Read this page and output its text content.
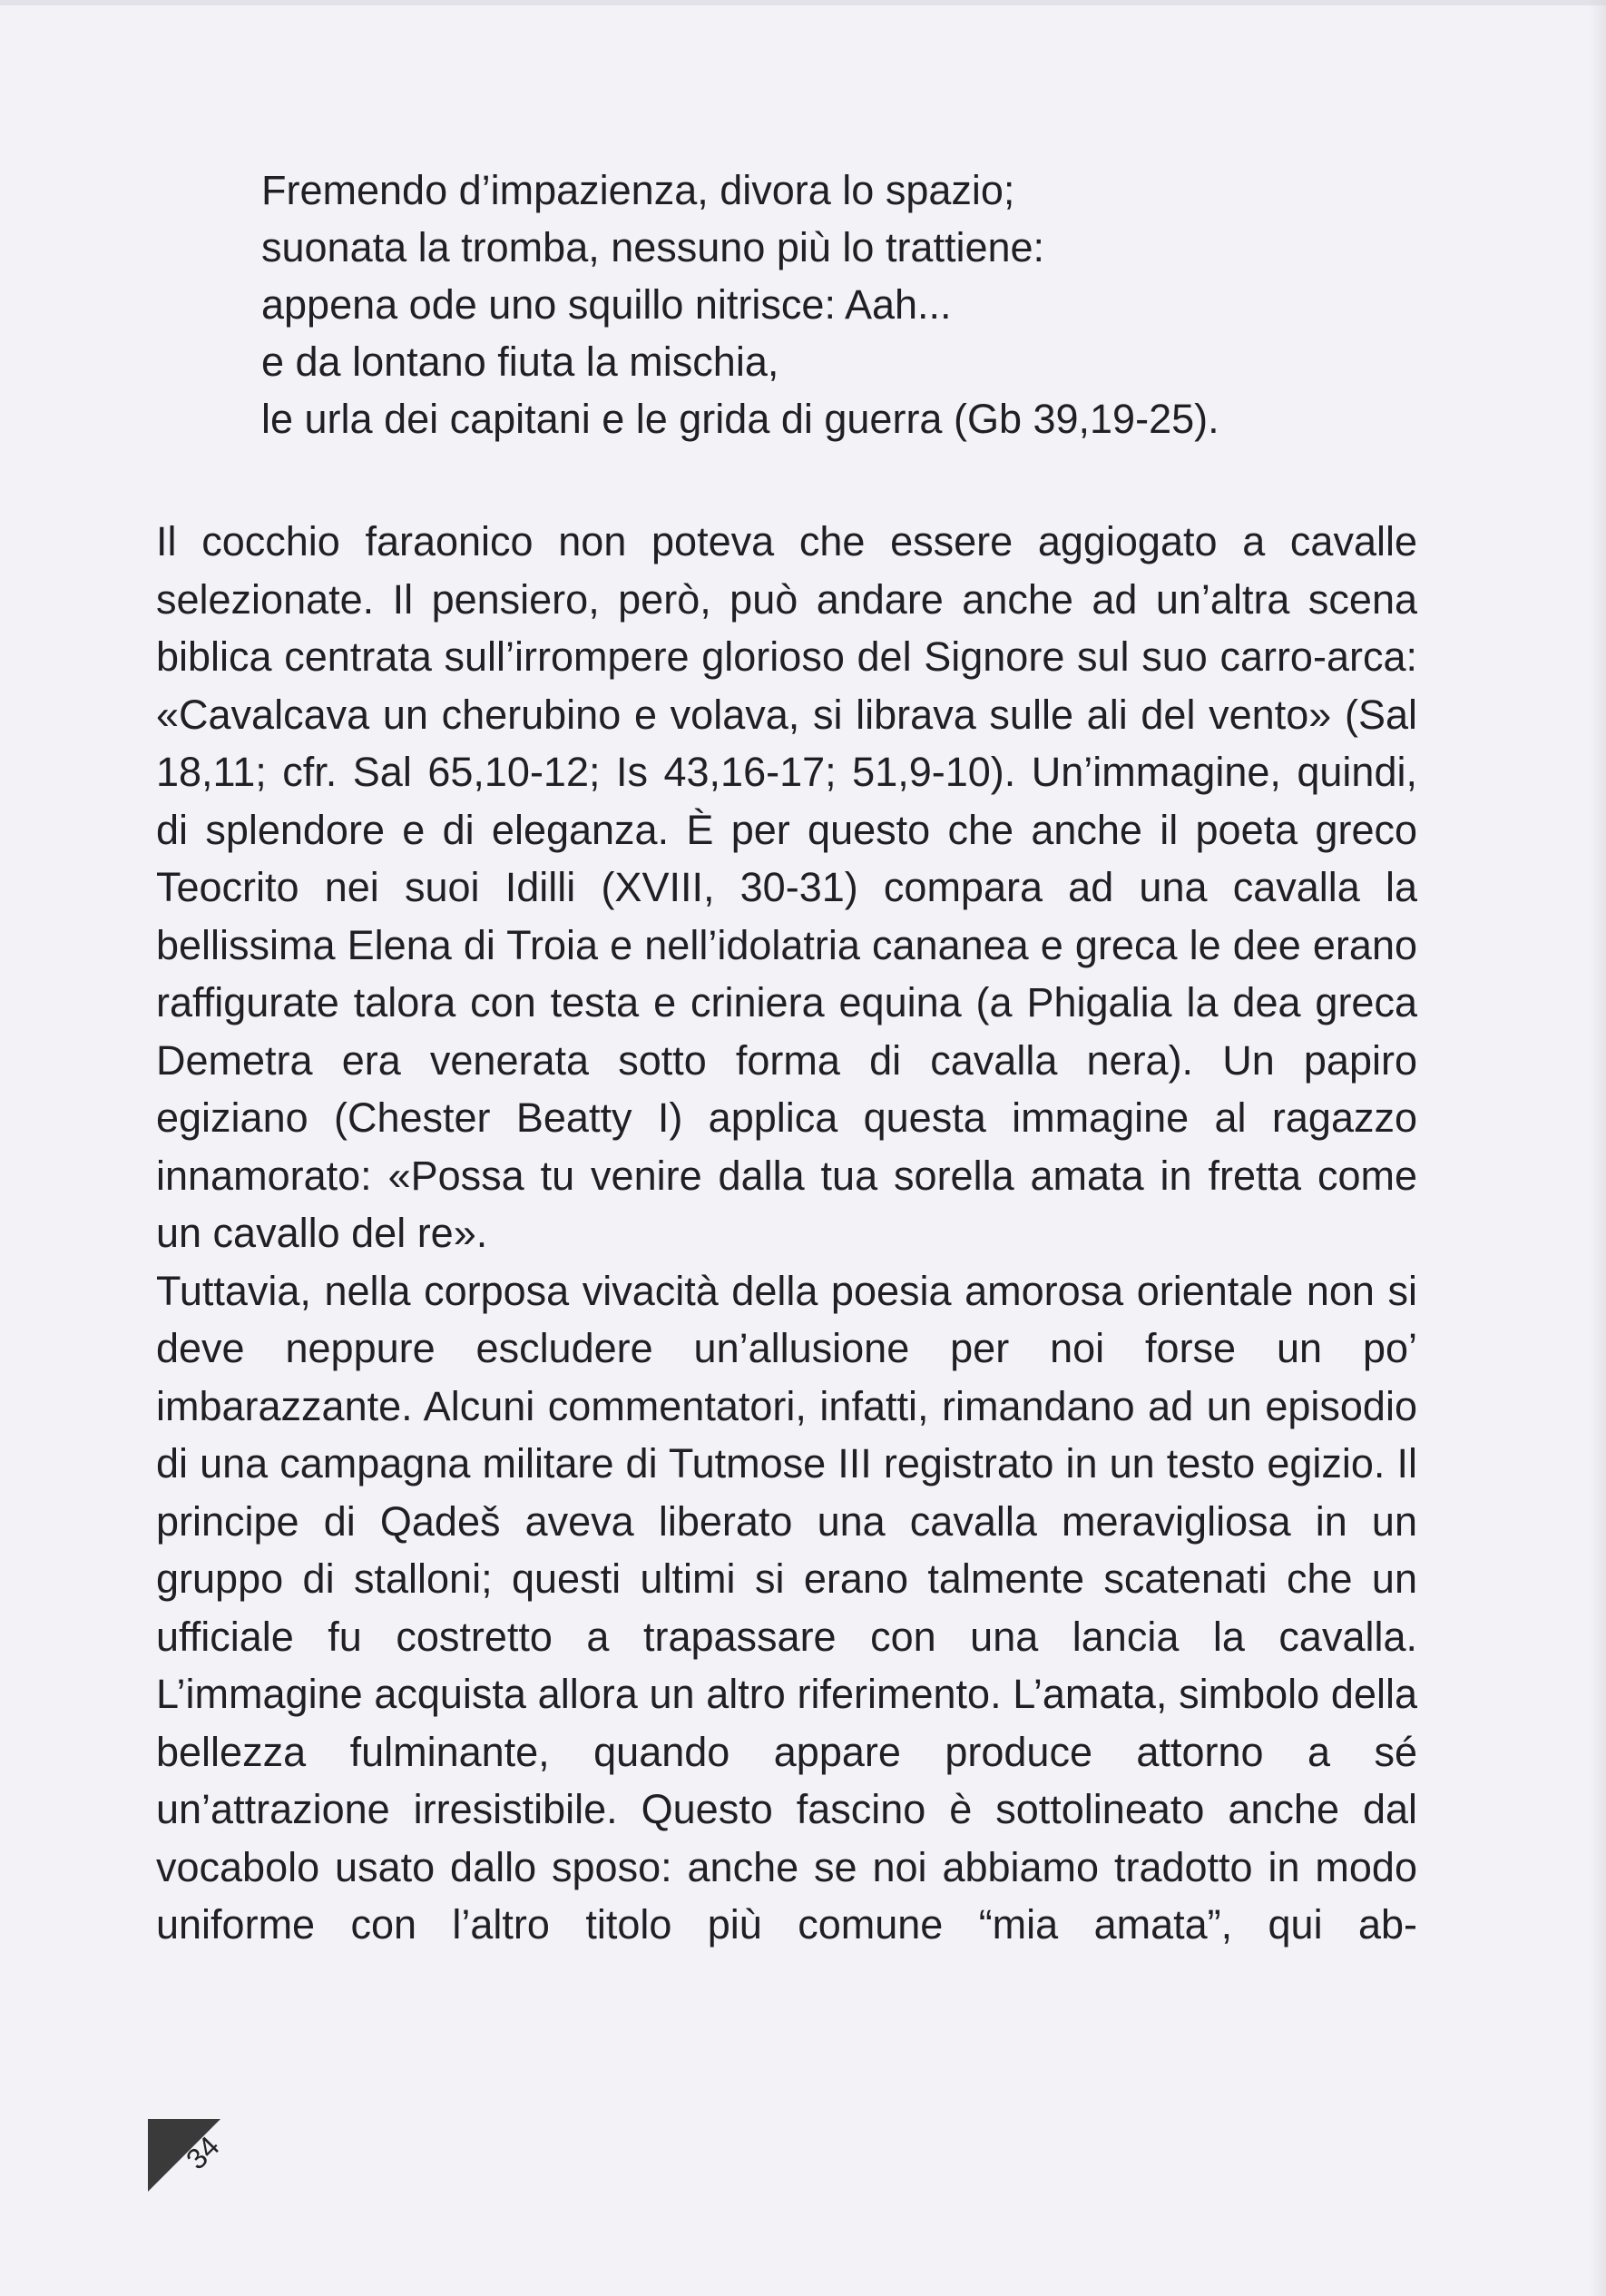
Fremendo d’impazienza, divora lo spazio;
suonata la tromba, nessuno più lo trattiene:
appena ode uno squillo nitrisce: Aah...
e da lontano fiuta la mischia,
le urla dei capitani e le grida di guerra (Gb 39,19-25).

Il cocchio faraonico non poteva che essere aggiogato a cavalle selezionate. Il pensiero, però, può andare anche ad un’altra scena biblica centrata sull’irrompere glorioso del Signore sul suo carro-arca: «Cavalcava un cherubino e volava, si librava sulle ali del vento» (Sal 18,11; cfr. Sal 65,10-12; Is 43,16-17; 51,9-10). Un’immagine, quindi, di splendore e di eleganza. È per questo che anche il poeta greco Teocrito nei suoi Idilli (XVIII, 30-31) compara ad una cavalla la bellissima Elena di Troia e nell’idolatria cananea e greca le dee erano raffigurate talora con testa e criniera equina (a Phigalia la dea greca Demetra era venerata sotto forma di cavalla nera). Un papiro egiziano (Chester Beatty I) applica questa immagine al ragazzo innamorato: «Possa tu venire dalla tua sorella amata in fretta come un cavallo del re».

Tuttavia, nella corposa vivacità della poesia amorosa orientale non si deve neppure escludere un’allusione per noi forse un po’ imbarazzante. Alcuni commentatori, infatti, rimandano ad un episodio di una campagna militare di Tutmose III registrato in un testo egizio. Il principe di Qadeš aveva liberato una cavalla meravigliosa in un gruppo di stalloni; questi ultimi si erano talmente scatenati che un ufficiale fu costretto a trapassare con una lancia la cavalla. L’immagine acquista allora un altro riferimento. L’amata, simbolo della bellezza fulminante, quando appare produce attorno a sé un’attrazione irresistibile. Questo fascino è sottolineato anche dal vocabolo usato dallo sposo: anche se noi abbiamo tradotto in modo uniforme con l’altro titolo più comune “mia amata”, qui ab-

34
